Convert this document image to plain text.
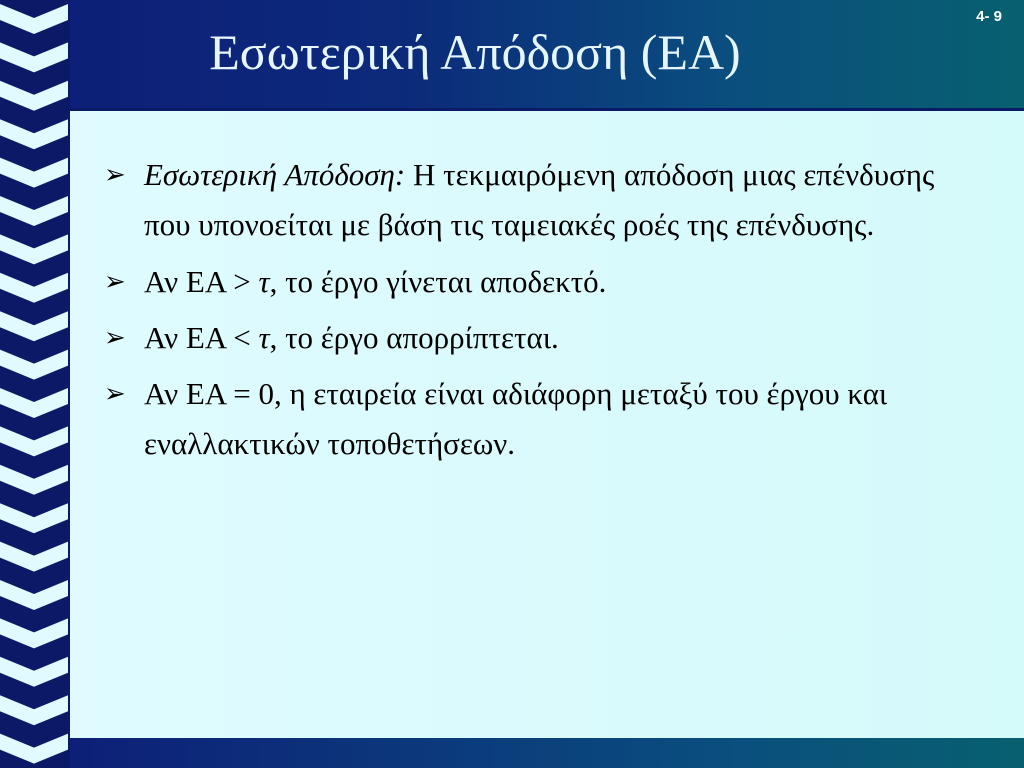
Εσωτερική Απόδοση (ΕΑ)
4- 9
➢ Εσωτερική Απόδοση: Η τεκμαιρόμενη απόδοση μιας επένδυσης που υπονοείται με βάση τις ταμειακές ροές της επένδυσης.
➢ Αν ΕΑ > τ, το έργο γίνεται αποδεκτό.
➢ Αν ΕΑ < τ, το έργο απορρίπτεται.
➢ Αν ΕΑ = 0, η εταιρεία είναι αδιάφορη μεταξύ του έργου και εναλλακτικών τοποθετήσεων.
